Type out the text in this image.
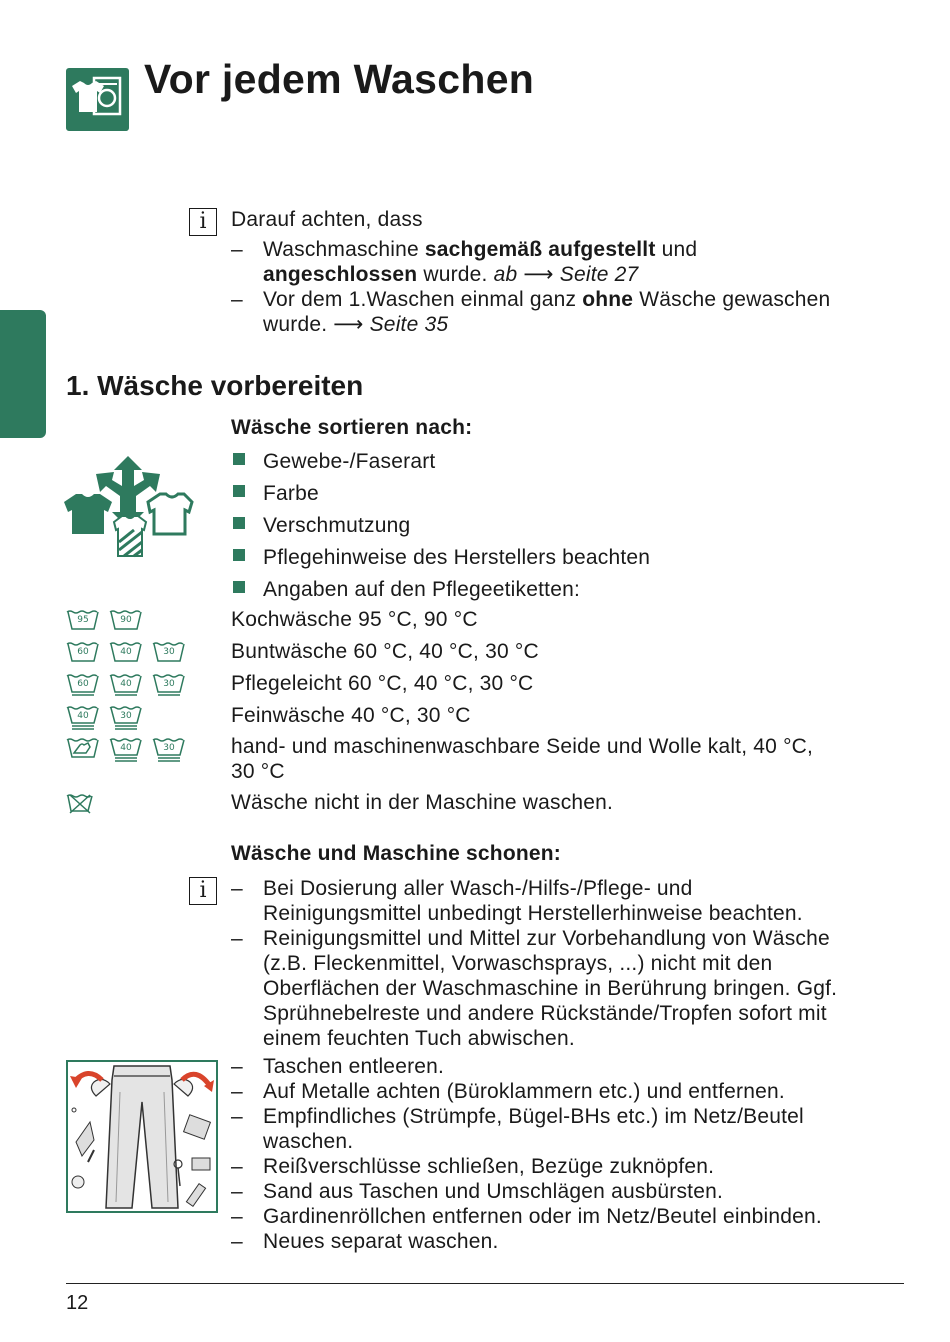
Vor jedem Waschen
i	Darauf achten, dass
– Waschmaschine sachgemäß aufgestellt und
angeschlossen wurde. ab ⟶ Seite 27
– Vor dem 1.Waschen einmal ganz ohne Wäsche gewaschen
wurde. ⟶ Seite 35
1. Wäsche vorbereiten
Wäsche sortieren nach:
Gewebe-/Faserart
Farbe
Verschmutzung
Pflegehinweise des Herstellers beachten
Angaben auf den Pflegeetiketten:
95	90	Kochwäsche 95 °C, 90 °C
60	40	30	Buntwäsche 60 °C, 40 °C, 30 °C
60	40	30	Pflegeleicht 60 °C, 40 °C, 30 °C
40	30	Feinwäsche 40 °C, 30 °C
40	30	hand- und maschinenwaschbare Seide und Wolle kalt, 40 °C,
30 °C
Wäsche nicht in der Maschine waschen.
Wäsche und Maschine schonen:
i	– Bei Dosierung aller Wasch-/Hilfs-/Pflege- und
Reinigungsmittel unbedingt Herstellerhinweise beachten.
– Reinigungsmittel und Mittel zur Vorbehandlung von Wäsche
(z.B. Fleckenmittel, Vorwaschsprays, ...) nicht mit den
Oberflächen der Waschmaschine in Berührung bringen. Ggf.
Sprühnebelreste und andere Rückstände/Tropfen sofort mit
einem feuchten Tuch abwischen.
– Taschen entleeren.
– Auf Metalle achten (Büroklammern etc.) und entfernen.
– Empfindliches (Strümpfe, Bügel-BHs etc.) im Netz/Beutel
waschen.
– Reißverschlüsse schließen, Bezüge zuknöpfen.
– Sand aus Taschen und Umschlägen ausbürsten.
– Gardinenröllchen entfernen oder im Netz/Beutel einbinden.
– Neues separat waschen.
12
